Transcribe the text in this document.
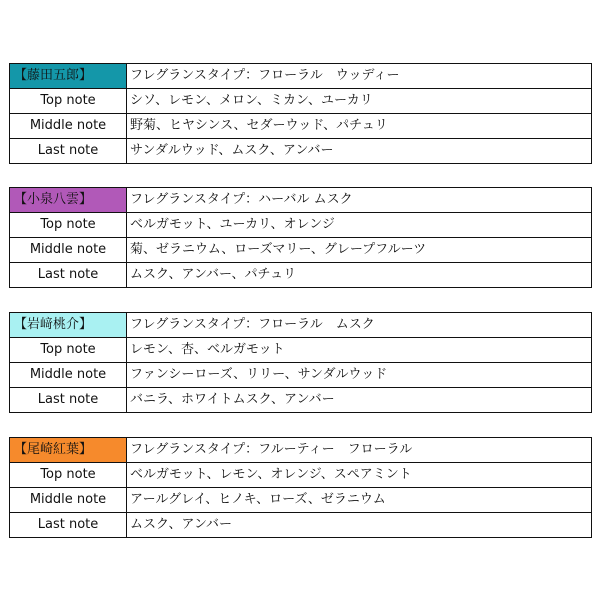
【藤田五郎】	フレグランスタイプ：フローラル　ウッディー
Top note	シソ、レモン、メロン、ミカン、ユーカリ
Middle note	野菊、ヒヤシンス、セダーウッド、パチュリ
Last note	サンダルウッド、ムスク、アンバー
【小泉八雲】	フレグランスタイプ：ハーバル ムスク
Top note	ベルガモット、ユーカリ、オレンジ
Middle note	菊、ゼラニウム、ローズマリー、グレープフルーツ
Last note	ムスク、アンバー、パチュリ
【岩﨑桃介】	フレグランスタイプ：フローラル　ムスク
Top note	レモン、杏、ベルガモット
Middle note	ファンシーローズ、リリー、サンダルウッド
Last note	バニラ、ホワイトムスク、アンバー
【尾崎紅葉】	フレグランスタイプ：フルーティー　フローラル
Top note	ベルガモット、レモン、オレンジ、スペアミント
Middle note	アールグレイ、ヒノキ、ローズ、ゼラニウム
Last note	ムスク、アンバー
